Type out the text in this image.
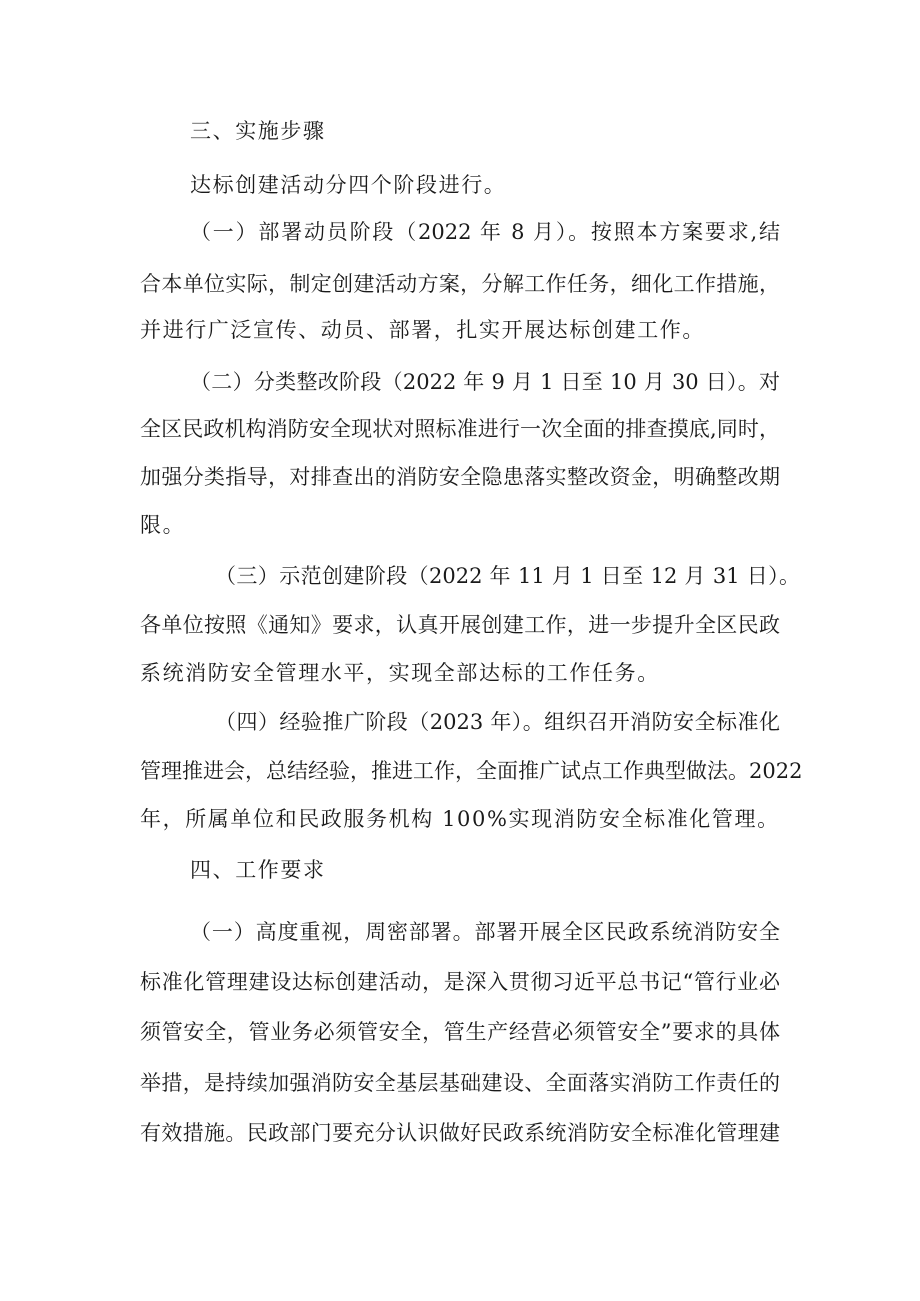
三、实施步骤
达标创建活动分四个阶段进行。
（一）部署动员阶段（2022 年 8 月）。按照本方案要求,结
合本单位实际，制定创建活动方案，分解工作任务，细化工作措施，
并进行广泛宣传、动员、部署，扎实开展达标创建工作。
（二）分类整改阶段（2022 年 9 月 1 日至 10 月 30 日）。对
全区民政机构消防安全现状对照标准进行一次全面的排查摸底,同时，
加强分类指导，对排查出的消防安全隐患落实整改资金，明确整改期
限。
（三）示范创建阶段（2022 年 11 月 1 日至 12 月 31 日）。
各单位按照《通知》要求，认真开展创建工作，进一步提升全区民政
系统消防安全管理水平，实现全部达标的工作任务。
（四）经验推广阶段（2023 年）。组织召开消防安全标准化
管理推进会，总结经验，推进工作，全面推广试点工作典型做法。2022
年，所属单位和民政服务机构 100%实现消防安全标准化管理。
四、工作要求
（一）高度重视，周密部署。部署开展全区民政系统消防安全
标准化管理建设达标创建活动，是深入贯彻习近平总书记“管行业必
须管安全，管业务必须管安全，管生产经营必须管安全”要求的具体
举措，是持续加强消防安全基层基础建设、全面落实消防工作责任的
有效措施。民政部门要充分认识做好民政系统消防安全标准化管理建
